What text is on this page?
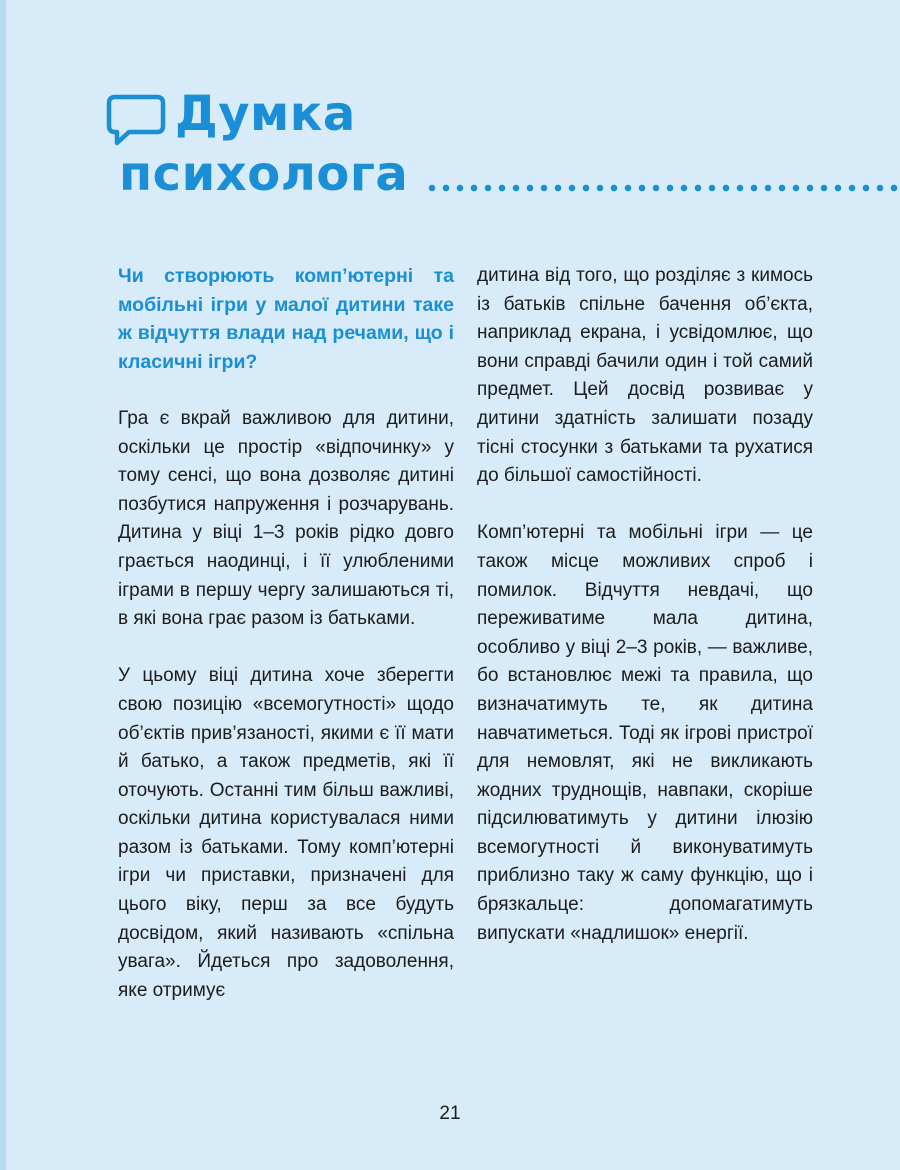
Думка
психолога

Чи створюють комп’ютерні та мобільні ігри у малої дитини таке ж відчуття влади над речами, що і класичні ігри?

Гра є вкрай важливою для дитини, оскільки це простір «відпочинку» у тому сенсі, що вона дозволяє дитині позбутися напруження і розчарувань. Дитина у віці 1–3 років рідко довго грається наодинці, і її улюбленими іграми в першу чергу залишаються ті, в які вона грає разом із батьками.

У цьому віці дитина хоче зберегти свою позицію «всемогутності» щодо об’єктів прив’язаності, якими є її мати й батько, а також предметів, які її оточують. Останні тим більш важливі, оскільки дитина користувалася ними разом із батьками. Тому комп’ютерні ігри чи приставки, призначені для цього віку, перш за все будуть досвідом, який називають «спільна увага». Йдеться про задоволення, яке отримує

дитина від того, що розділяє з кимось із батьків спільне бачення об’єкта, наприклад екрана, і усвідомлює, що вони справді бачили один і той самий предмет. Цей досвід розвиває у дитини здатність залишати позаду тісні стосунки з батьками та рухатися до більшої самостійності.

Комп’ютерні та мобільні ігри — це також місце можливих спроб і помилок. Відчуття невдачі, що переживатиме мала дитина, особливо у віці 2–3 років, — важливе, бо встановлює межі та правила, що визначатимуть те, як дитина навчатиметься. Тоді як ігрові пристрої для немовлят, які не викликають жодних труднощів, навпаки, скоріше підсилюватимуть у дитини ілюзію всемогутності й виконуватимуть приблизно таку ж саму функцію, що і брязкальце: допомагатимуть випускати «надлишок» енергії.

21
